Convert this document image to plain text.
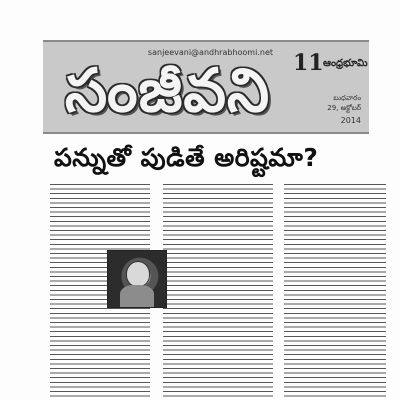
sanjeevani@andhrabhoomi.net
సంజీవని 11 ఆంధ్రభూమి
బుధవారం
29, అక్టోబర్
2014
పన్నుతో పుడితే అరిష్టమా?
